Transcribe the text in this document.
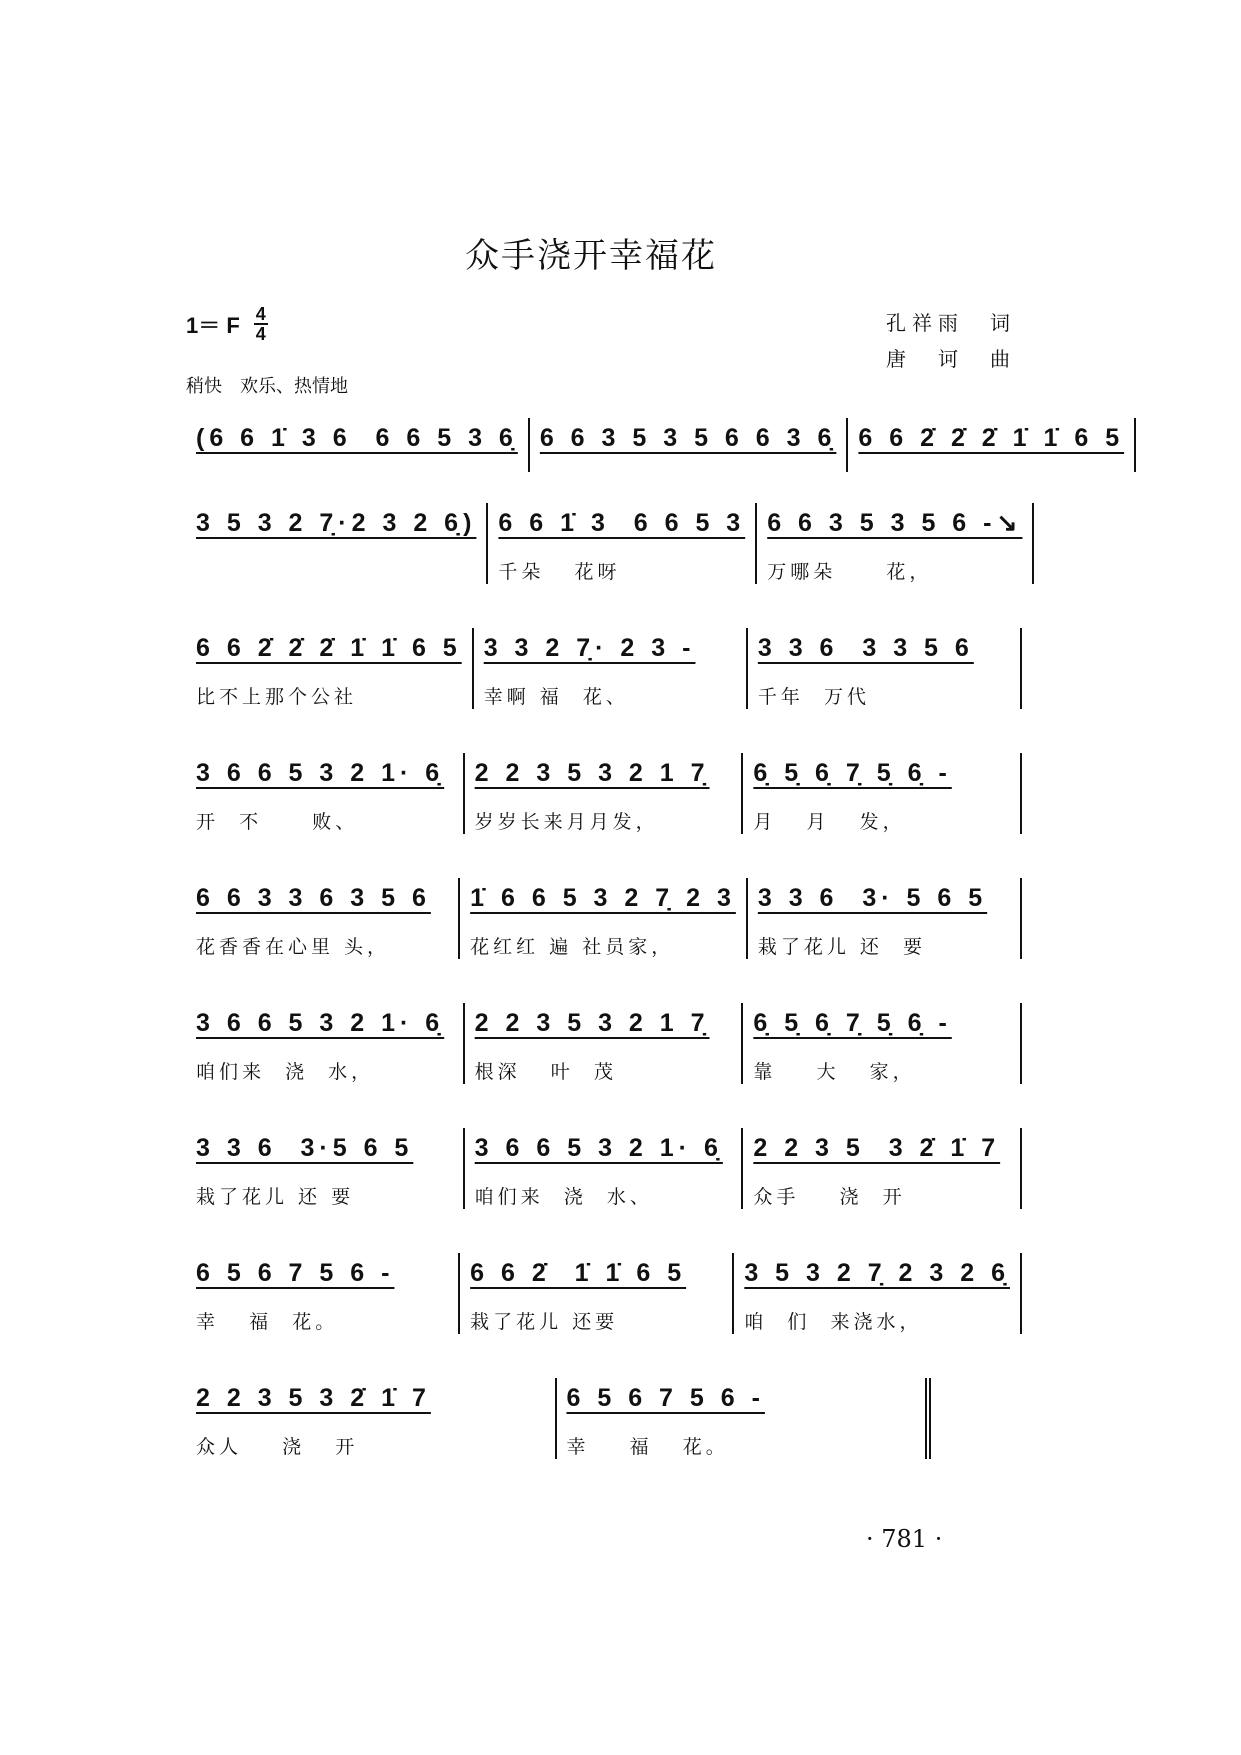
众手浇开幸福花
1＝ F $\frac{4}{4}$	孔祥雨　词
唐　诃　曲
稍快　欢乐、热情地
(6 6 1̇ 3 6  6 6 5 3 6̣ 6 6 3 5 3 5 6 6 3 6̣ 6 6 2̇ 2̇ 2̇ 1̇ 1̇ 6 5
3 5 3 2 7̣·2 3 2 6̣) 6 6 1̇ 3  6 6 5 3
千朵   花呀
6 6 3 5 3 5 6 -↘
万哪朵     花，
6 6 2̇ 2̇ 2̇ 1̇ 1̇ 6 5
比不上那个公社
3 3 2 7̣· 2 3 -
幸啊 福  花、
3 3 6  3 3 5 6
千年  万代
3 6 6 5 3 2 1· 6̣
开  不     败、
2 2 3 5 3 2 1 7̣
岁岁长来月月发，
6̣ 5̣ 6̣ 7̣ 5̣ 6̣ -
月   月   发，
6 6 3 3 6 3 5 6
花香香在心里 头，
1̇ 6 6 5 3 2 7̣ 2 3
花红红 遍 社员家，
3 3 6  3· 5 6 5
栽了花儿 还  要
3 6 6 5 3 2 1· 6̣
咱们来  浇  水，
2 2 3 5 3 2 1 7̣
根深   叶  茂
6̣ 5̣ 6̣ 7̣ 5̣ 6̣ -
靠    大   家，
3 3 6  3·5 6 5
栽了花儿 还 要
3 6 6 5 3 2 1· 6̣
咱们来  浇  水、
2 2 3 5  3 2̇ 1̇ 7
众手    浇  开
6 5 6 7 5 6 -
幸   福  花。
6 6 2̇  1̇ 1̇ 6 5
栽了花儿 还要
3 5 3 2 7̣ 2 3 2 6̣
咱  们  来浇水，
2 2 3 5 3 2̇ 1̇ 7
众人    浇   开
6 5 6 7 5 6 -
幸    福   花。
· 781 ·
